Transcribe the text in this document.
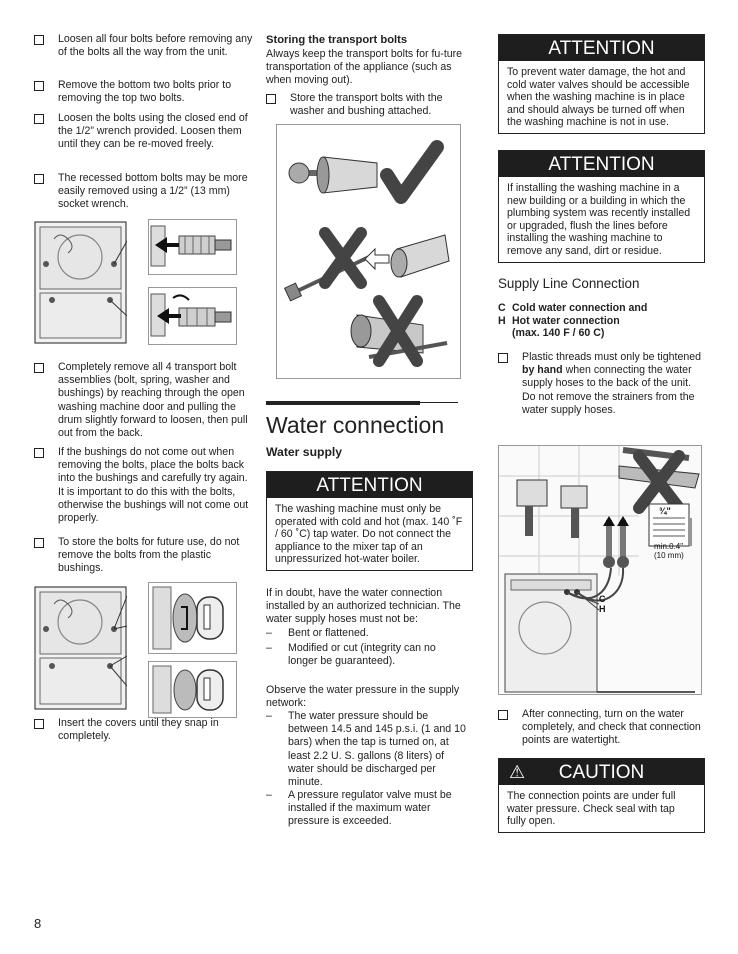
Loosen all four bolts before removing any of the bolts all the way from the unit.
Remove the bottom two bolts prior to removing the top two bolts.
Loosen the bolts using the closed end of the 1/2” wrench provided. Loosen them until they can be re-moved freely.
The recessed bottom bolts may be more easily removed using a 1/2” (13 mm) socket wrench.
Completely remove all 4 transport bolt assemblies (bolt, spring, washer and bushings) by reaching through the open washing machine door and pulling the drum slightly forward to loosen, then pull out from the back.
If the bushings do not come out when removing the bolts, place the bolts back into the bushings and carefully try again. It is important to do this with the bolts, otherwise the bushings will not come out properly.
To store the bolts for future use, do not remove the bolts from the plastic bushings.
Insert the covers until they snap in completely.
Storing the transport bolts
Always keep the transport bolts for fu-ture transportation of the appliance (such as when moving out).
Store the transport bolts with the washer and bushing attached.
Water connection
Water supply
ATTENTION
The washing machine must only be operated with cold and hot (max. 140 ˚F / 60 ˚C) tap water. Do not connect the appliance to the mixer tap of an unpressurized hot-water boiler.
If in doubt, have the water connection installed by an authorized technician. The water supply hoses must not be:
– Bent or flattened.
– Modified or cut (integrity can no longer be guaranteed).
Observe the water pressure in the supply network:
– The water pressure should be between 14.5 and 145 p.s.i. (1 and 10 bars) when the tap is turned on, at least 2.2 U. S. gallons (8 liters) of water should be discharged per minute.
– A pressure regulator valve must be installed if the maximum water pressure is exceeded.
ATTENTION
To prevent water damage, the hot and cold water valves should be accessible when the washing machine is in place and should always be turned off when the washing machine is not in use.
ATTENTION
If installing the washing machine in a new building or a building in which the plumbing system was recently installed or upgraded, flush the lines before installing the washing machine to remove any sand, dirt or residue.
Supply Line Connection
C Cold water connection and
H Hot water connection
(max. 140 F / 60 C)
Plastic threads must only be tightened by hand when connecting the water supply hoses to the back of the unit. Do not remove the strainers from the water supply hoses.
¾"
min.0.4"
(10 mm)
C
H
After connecting, turn on the water completely, and check that connection points are watertight.
⚠ CAUTION
The connection points are under full water pressure. Check seal with tap fully open.
8
